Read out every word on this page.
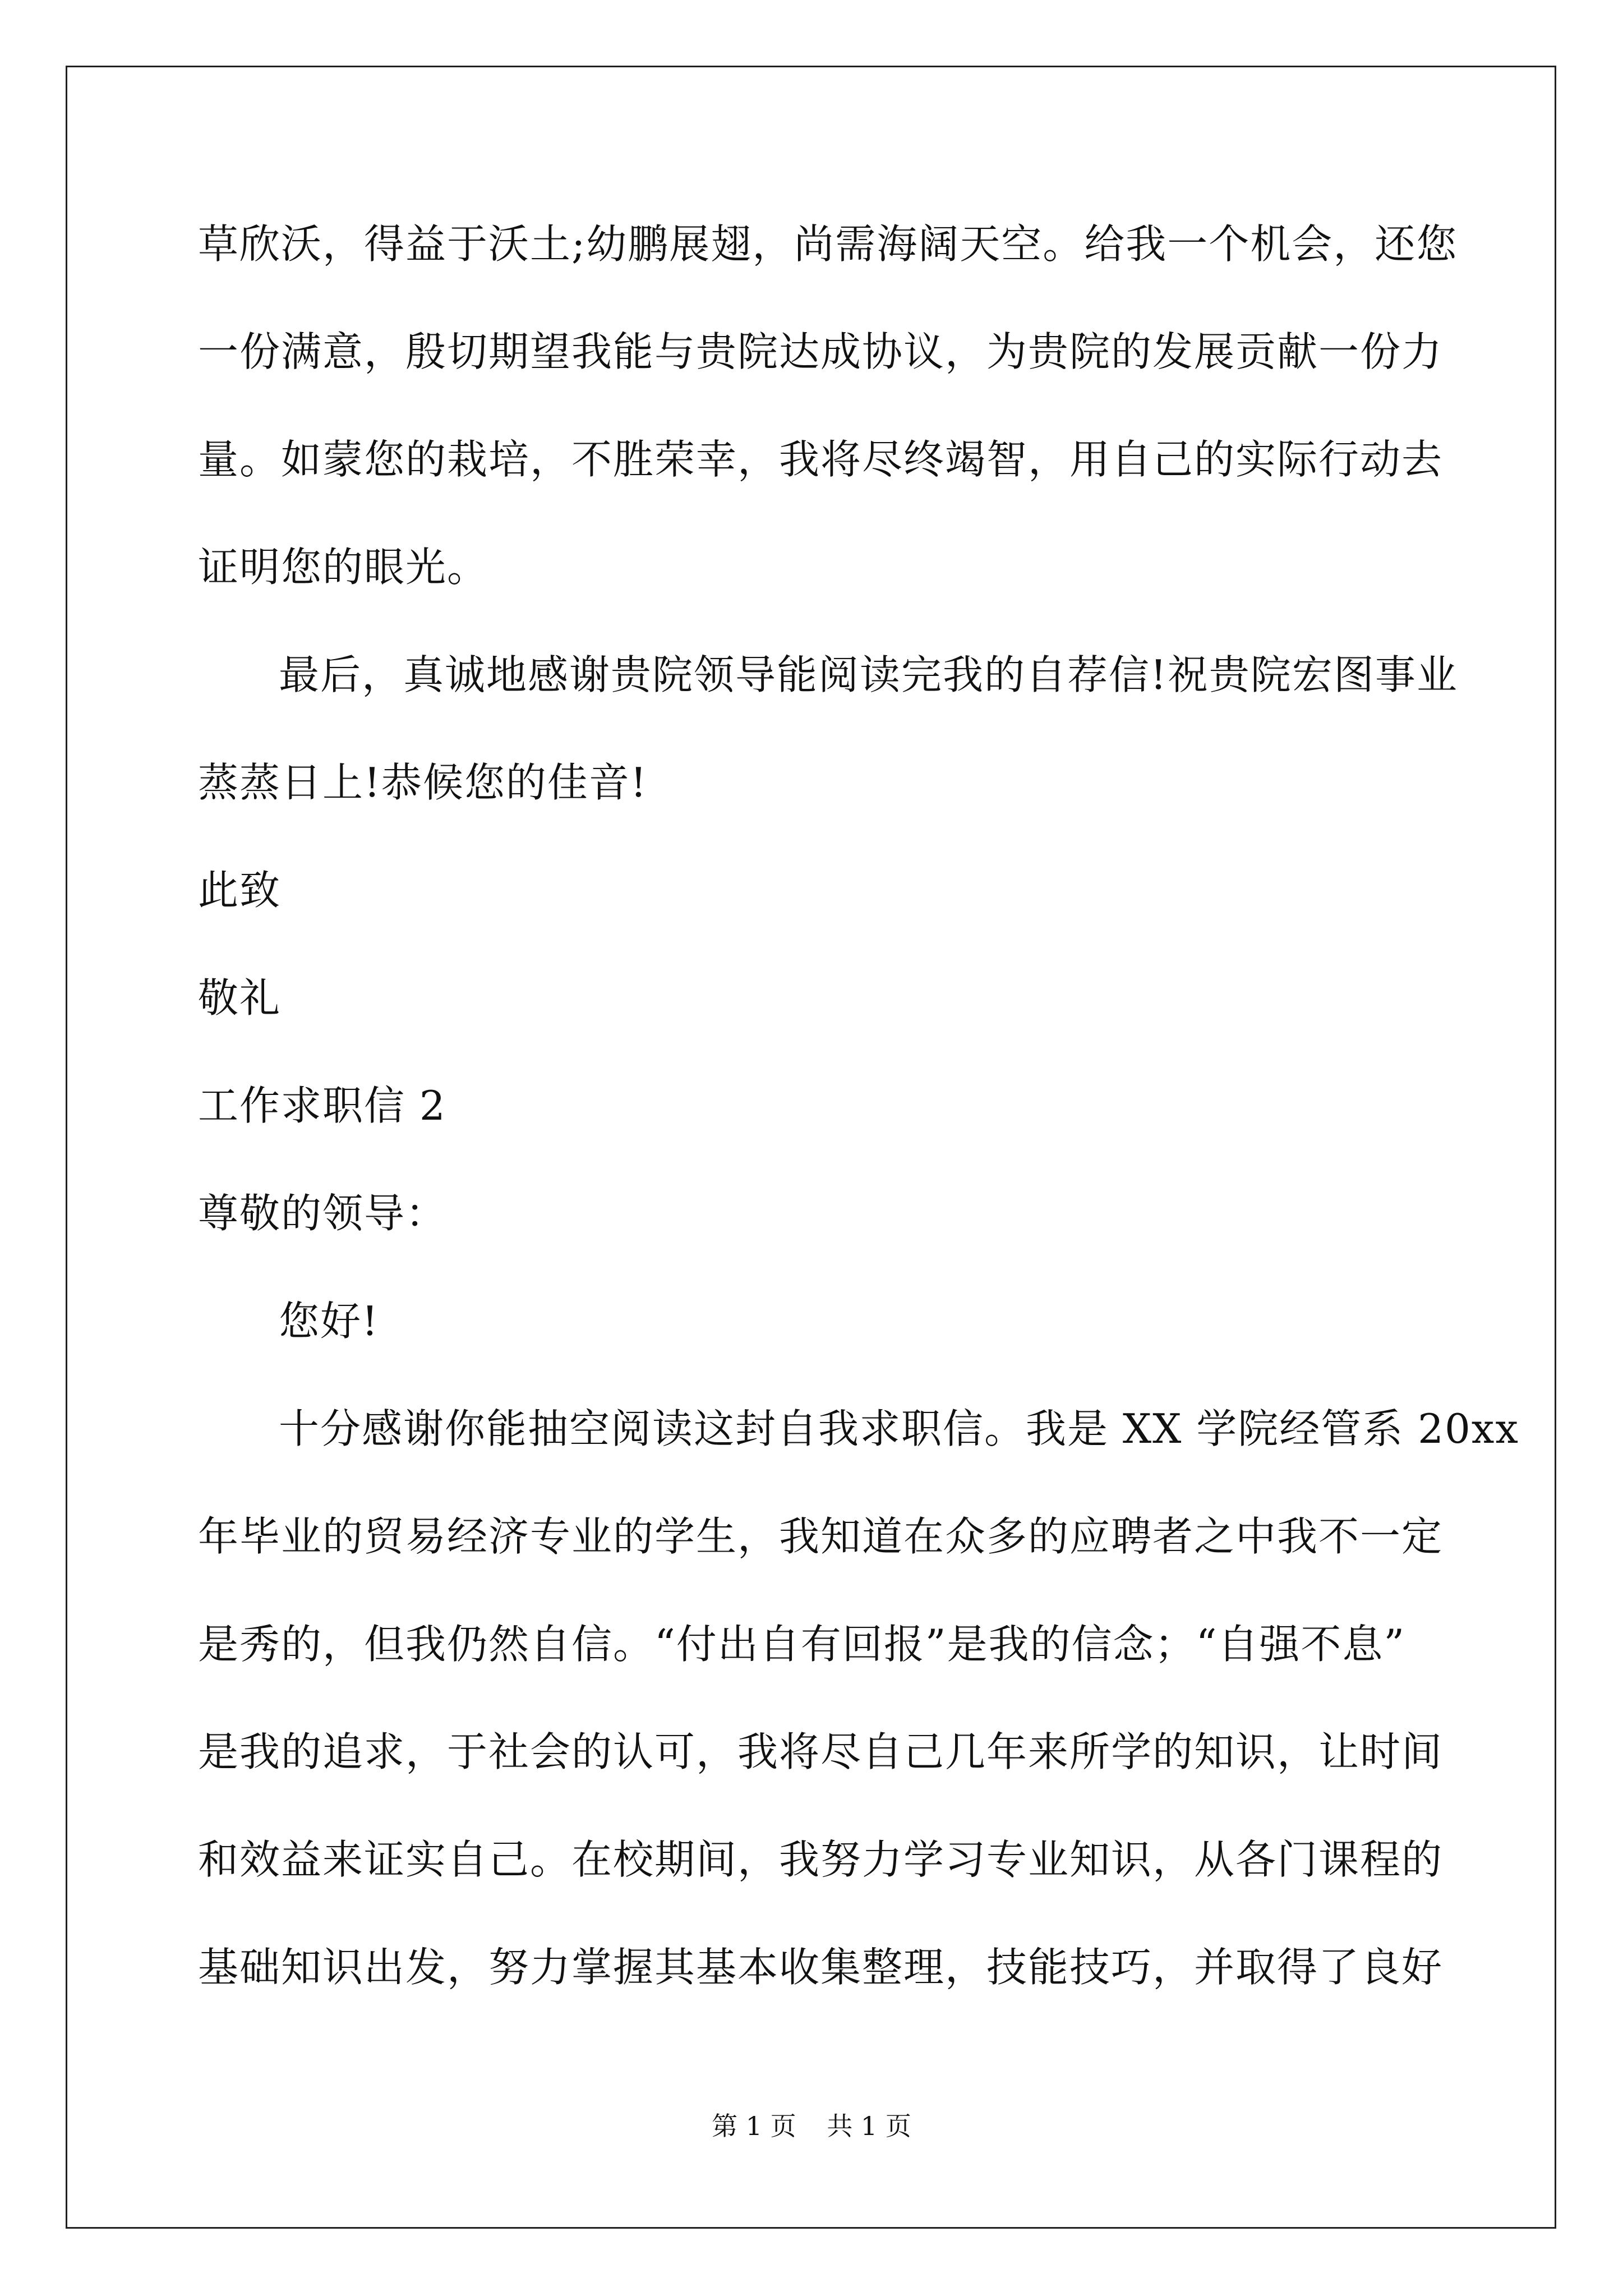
草欣沃，得益于沃土;幼鹏展翅，尚需海阔天空。给我一个机会，还您
一份满意，殷切期望我能与贵院达成协议，为贵院的发展贡献一份力
量。如蒙您的栽培，不胜荣幸，我将尽终竭智，用自己的实际行动去
证明您的眼光。
最后，真诚地感谢贵院领导能阅读完我的自荐信!祝贵院宏图事业
蒸蒸日上!恭候您的佳音!
此致
敬礼
工作求职信 2
尊敬的领导：
您好!
十分感谢你能抽空阅读这封自我求职信。我是 XX 学院经管系 20xx
年毕业的贸易经济专业的学生，我知道在众多的应聘者之中我不一定
是秀的，但我仍然自信。“付出自有回报”是我的信念；“自强不息”
是我的追求，于社会的认可，我将尽自己几年来所学的知识，让时间
和效益来证实自己。在校期间，我努力学习专业知识，从各门课程的
基础知识出发，努力掌握其基本收集整理，技能技巧，并取得了良好
第 1 页 共 1 页
